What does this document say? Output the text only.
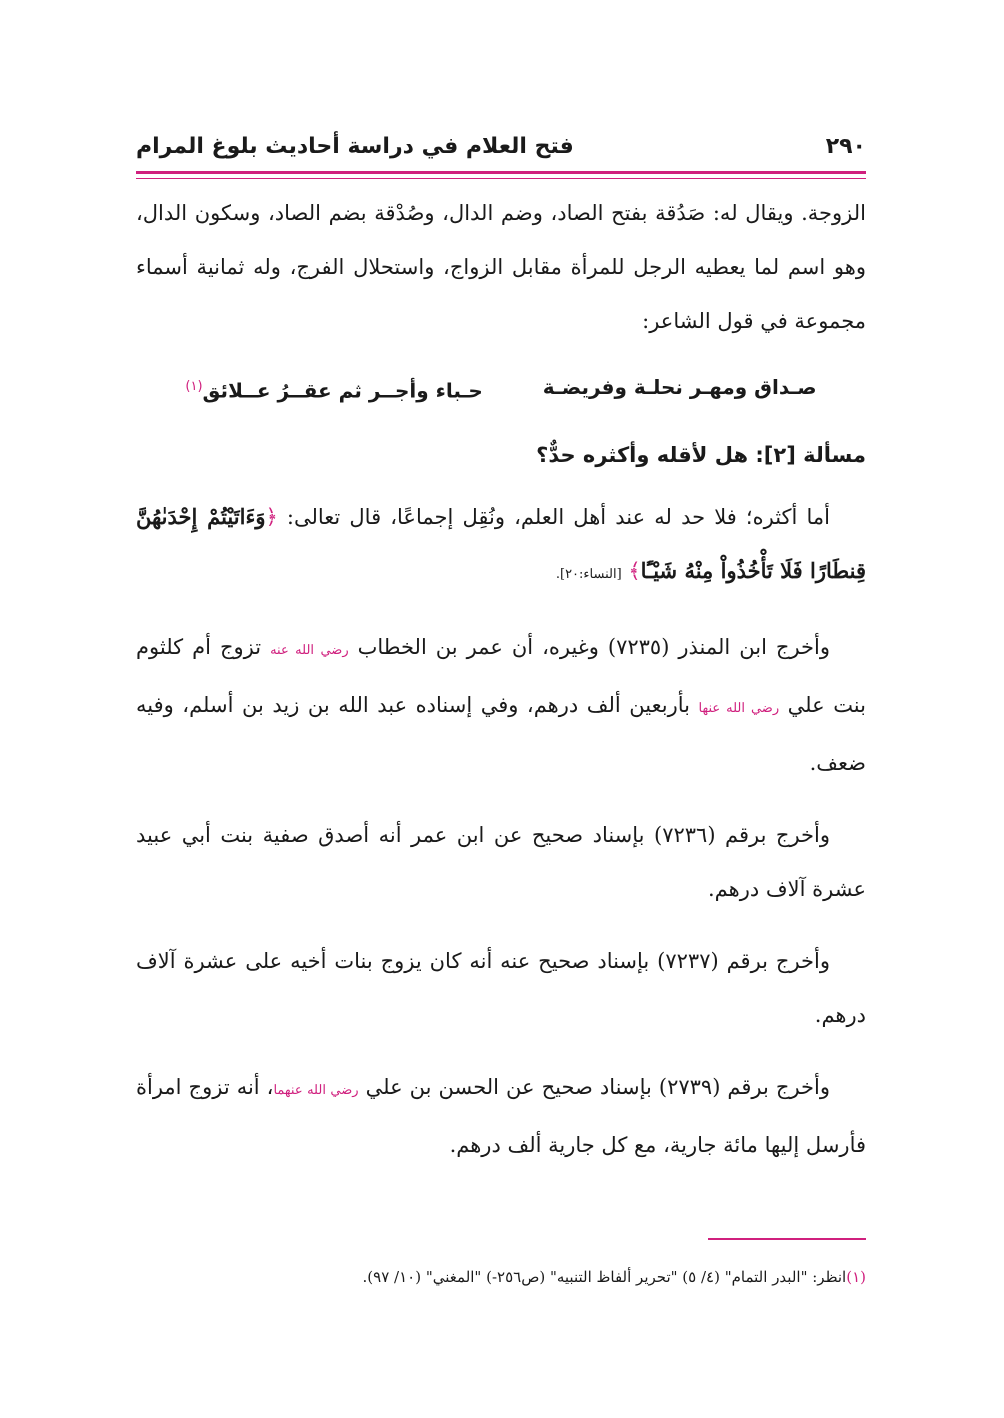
٢٩٠
فتح العلام في دراسة أحاديث بلوغ المرام

الزوجة. ويقال له: صَدُقة بفتح الصاد، وضم الدال، وصُدْقة بضم الصاد، وسكون الدال، وهو اسم لما يعطيه الرجل للمرأة مقابل الزواج، واستحلال الفرج، وله ثمانية أسماء مجموعة في قول الشاعر:

صـداق ومهـر نحلـة وفريضـة
حـباء وأجــر ثم عقــرُ عــلائق$^{(١)}$
مسألة [٢]: هل لأقله وأكثره حدٌّ؟

أما أكثره؛ فلا حد له عند أهل العلم، ونُقِل إجماعًا، قال تعالى: ﴿وَءَاتَيْتُمْ إِحْدَىٰهُنَّ قِنطَارًا فَلَا تَأْخُذُواْ مِنْهُ شَيْـًٔا﴾ [النساء:٢٠].

وأخرج ابن المنذر (٧٢٣٥) وغيره، أن عمر بن الخطاب رضي الله عنه تزوج أم كلثوم بنت علي رضي الله عنها بأربعين ألف درهم، وفي إسناده عبد الله بن زيد بن أسلم، وفيه ضعف.

وأخرج برقم (٧٢٣٦) بإسناد صحيح عن ابن عمر أنه أصدق صفية بنت أبي عبيد عشرة آلاف درهم.

وأخرج برقم (٧٢٣٧) بإسناد صحيح عنه أنه كان يزوج بنات أخيه على عشرة آلاف درهم.

وأخرج برقم (٢٧٣٩) بإسناد صحيح عن الحسن بن علي رضي الله عنهما، أنه تزوج امرأة فأرسل إليها مائة جارية، مع كل جارية ألف درهم.

(١)انظر: "البدر التمام" (٤/ ٥) "تحرير ألفاظ التنبيه" (ص٢٥٦-) "المغني" (١٠/ ٩٧).
